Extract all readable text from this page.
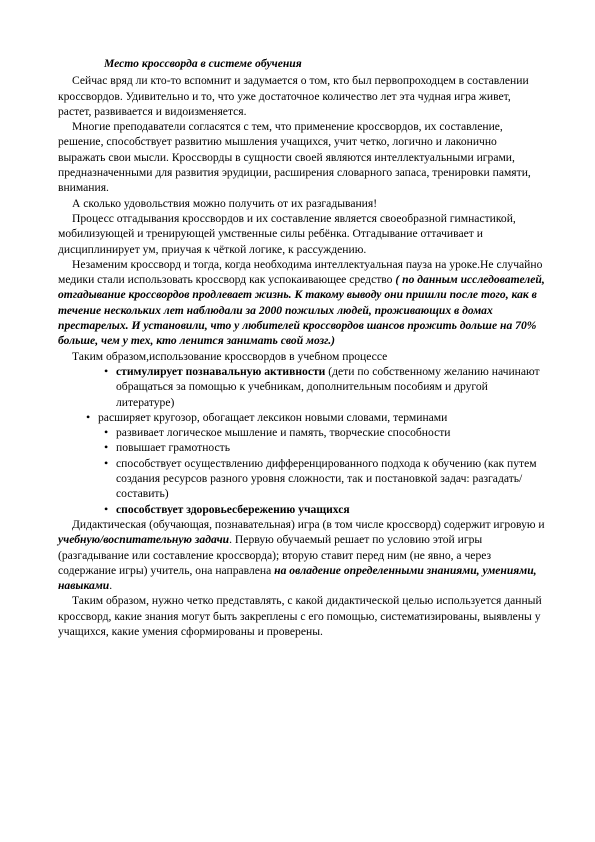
Место кроссворда в системе обучения

Сейчас вряд ли кто-то вспомнит и задумается о том, кто был первопроходцем в составлении кроссвордов. Удивительно и то, что уже достаточное количество лет эта чудная игра живет, растет, развивается и видоизменяется.

Многие преподаватели согласятся с тем, что применение кроссвордов, их составление, решение, способствует развитию мышления учащихся, учит четко, логично и лаконично выражать свои мысли. Кроссворды в сущности своей являются интеллектуальными играми, предназначенными для развития эрудиции, расширения словарного запаса, тренировки памяти, внимания.

А сколько удовольствия можно получить от их разгадывания!

Процесс отгадывания кроссвордов и их составление является своеобразной гимнастикой, мобилизующей и тренирующей умственные силы ребёнка. Отгадывание оттачивает и дисциплинирует ум, приучая к чёткой логике, к рассуждению.

Незаменим кроссворд и тогда, когда необходима интеллектуальная пауза на уроке.Не случайно медики стали использовать кроссворд как успокаивающее средство ( по данным исследователей, отгадывание кроссвордов продлевает жизнь. К такому выводу они пришли после того, как в течение нескольких лет наблюдали за 2000 пожилых людей, проживающих в домах престарелых. И установили, что у любителей кроссвордов шансов прожить дольше на 70% больше, чем у тех, кто ленится занимать свой мозг.)

Таким образом,использование кроссвордов в учебном процессе

• стимулирует познавальную активности (дети по собственному желанию начинают обращаться за помощью к учебникам, дополнительным пособиям и другой литературе)
• расширяет кругозор, обогащает лексикон новыми словами, терминами
• развивает логическое мышление и память, творческие способности
• повышает грамотность
• способствует осуществлению дифференцированного подхода к обучению (как путем создания ресурсов разного уровня сложности, так и постановкой задач: разгадать/составить)
• способствует здоровьесбережению учащихся

Дидактическая (обучающая, познавательная) игра (в том числе кроссворд) содержит игровую и учебную/воспитательную задачи. Первую обучаемый решает по условию этой игры (разгадывание или составление кроссворда); вторую ставит перед ним (не явно, а через содержание игры) учитель, она направлена на овладение определенными знаниями, умениями, навыками.

Таким образом, нужно четко представлять, с какой дидактической целью используется данный кроссворд, какие знания могут быть закреплены с его помощью, систематизированы, выявлены у учащихся, какие умения сформированы и проверены.
